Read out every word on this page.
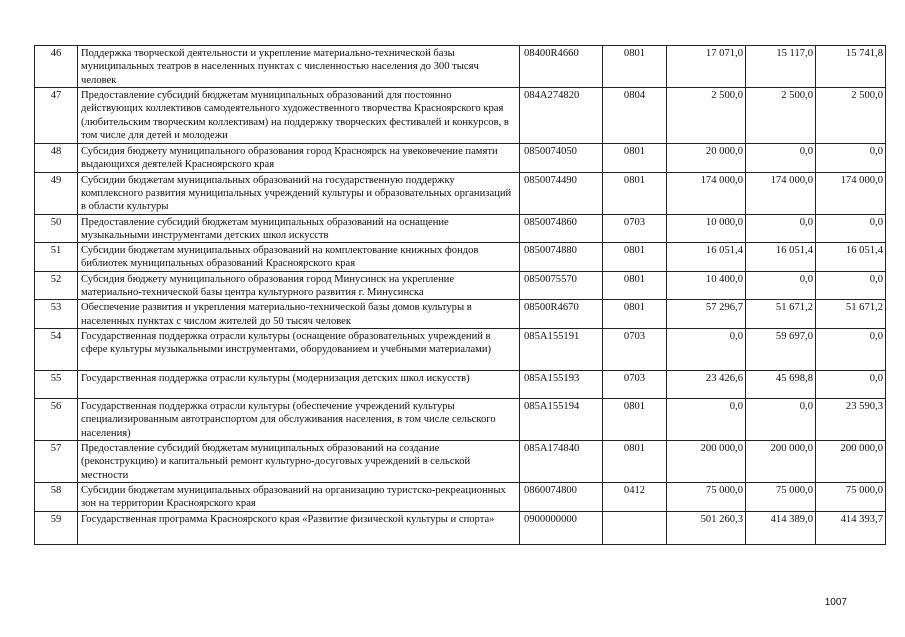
46	Поддержка творческой деятельности и укрепление материально-технической базы муниципальных театров в населенных пунктах с численностью населения до 300 тысяч человек	08400R4660	0801	17 071,0	15 117,0	15 741,8
47	Предоставление субсидий бюджетам муниципальных образований для постоянно действующих коллективов самодеятельного художественного творчества Красноярского края (любительским творческим коллективам) на поддержку творческих фестивалей и конкурсов, в том числе для детей и молодежи	084A274820	0804	2 500,0	2 500,0	2 500,0
48	Субсидия бюджету муниципального образования город Красноярск на увековечение памяти выдающихся деятелей Красноярского края	0850074050	0801	20 000,0	0,0	0,0
49	Субсидии бюджетам муниципальных образований на государственную поддержку комплексного развития муниципальных учреждений культуры и образовательных организаций в области культуры	0850074490	0801	174 000,0	174 000,0	174 000,0
50	Предоставление субсидий бюджетам муниципальных образований на оснащение музыкальными инструментами детских школ искусств	0850074860	0703	10 000,0	0,0	0,0
51	Субсидии бюджетам муниципальных образований на комплектование книжных фондов библиотек муниципальных образований Красноярского края	0850074880	0801	16 051,4	16 051,4	16 051,4
52	Субсидия бюджету муниципального образования город Минусинск на укрепление материально-технической базы центра культурного развития г. Минусинска	0850075570	0801	10 400,0	0,0	0,0
53	Обеспечение развития и укрепления материально-технической базы домов культуры в населенных пунктах с числом жителей до 50 тысяч человек	08500R4670	0801	57 296,7	51 671,2	51 671,2
54	Государственная поддержка отрасли культуры (оснащение образовательных учреждений в сфере культуры музыкальными инструментами, оборудованием и учебными материалами)	085A155191	0703	0,0	59 697,0	0,0
55	Государственная поддержка отрасли культуры (модернизация детских школ искусств)	085A155193	0703	23 426,6	45 698,8	0,0
56	Государственная поддержка отрасли культуры (обеспечение учреждений культуры специализированным автотранспортом для обслуживания населения, в том числе сельского населения)	085A155194	0801	0,0	0,0	23 590,3
57	Предоставление субсидий бюджетам муниципальных образований на создание (реконструкцию) и капитальный ремонт культурно-досуговых учреждений в сельской местности	085A174840	0801	200 000,0	200 000,0	200 000,0
58	Субсидии бюджетам муниципальных образований на организацию туристско-рекреационных зон на территории Красноярского края	0860074800	0412	75 000,0	75 000,0	75 000,0
59	Государственная программа Красноярского края «Развитие физической культуры и спорта»	0900000000		501 260,3	414 389,0	414 393,7
1007
